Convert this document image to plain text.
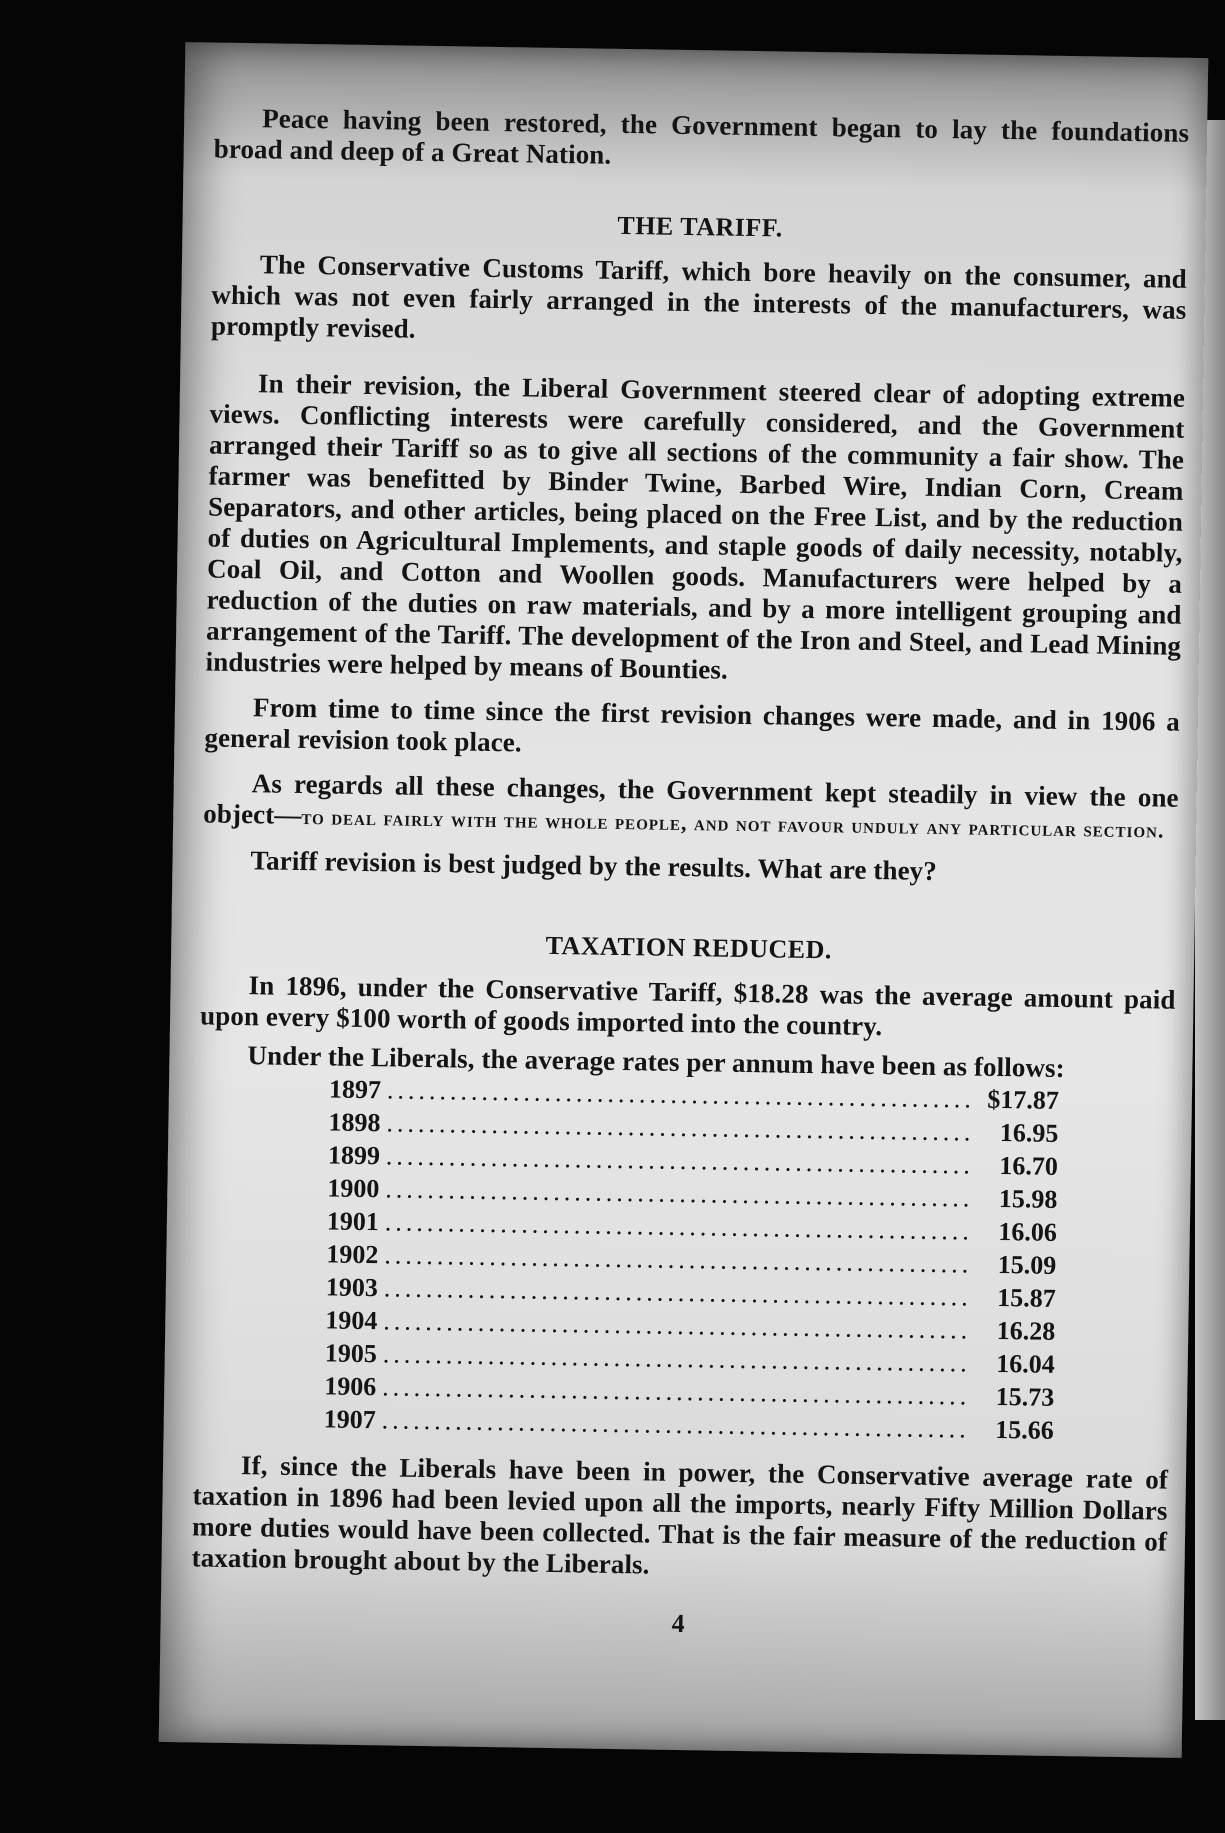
Peace having been restored, the Government began to lay the foundations broad and deep of a Great Nation.

THE TARIFF.

The Conservative Customs Tariff, which bore heavily on the consumer, and which was not even fairly arranged in the interests of the manufacturers, was promptly revised.

In their revision, the Liberal Government steered clear of adopting extreme views. Conflicting interests were carefully considered, and the Government arranged their Tariff so as to give all sections of the community a fair show. The farmer was benefitted by Binder Twine, Barbed Wire, Indian Corn, Cream Separators, and other articles, being placed on the Free List, and by the reduction of duties on Agricultural Implements, and staple goods of daily necessity, notably, Coal Oil, and Cotton and Woollen goods. Manufacturers were helped by a reduction of the duties on raw materials, and by a more intelligent grouping and arrangement of the Tariff. The development of the Iron and Steel, and Lead Mining industries were helped by means of Bounties.

From time to time since the first revision changes were made, and in 1906 a general revision took place.

As regards all these changes, the Government kept steadily in view the one object—to deal fairly with the whole people, and not favour unduly any particular section.

Tariff revision is best judged by the results. What are they?

TAXATION REDUCED.

In 1896, under the Conservative Tariff, $18.28 was the average amount paid upon every $100 worth of goods imported into the country.

Under the Liberals, the average rates per annum have been as follows:

1897 .....	$17.87
1898 .....	16.95
1899 .....	16.70
1900 .....	15.98
1901 .....	16.06
1902 .....	15.09
1903 .....	15.87
1904 .....	16.28
1905 .....	16.04
1906 .....	15.73
1907 .....	15.66

If, since the Liberals have been in power, the Conservative average rate of taxation in 1896 had been levied upon all the imports, nearly Fifty Million Dollars more duties would have been collected. That is the fair measure of the reduction of taxation brought about by the Liberals.

4
